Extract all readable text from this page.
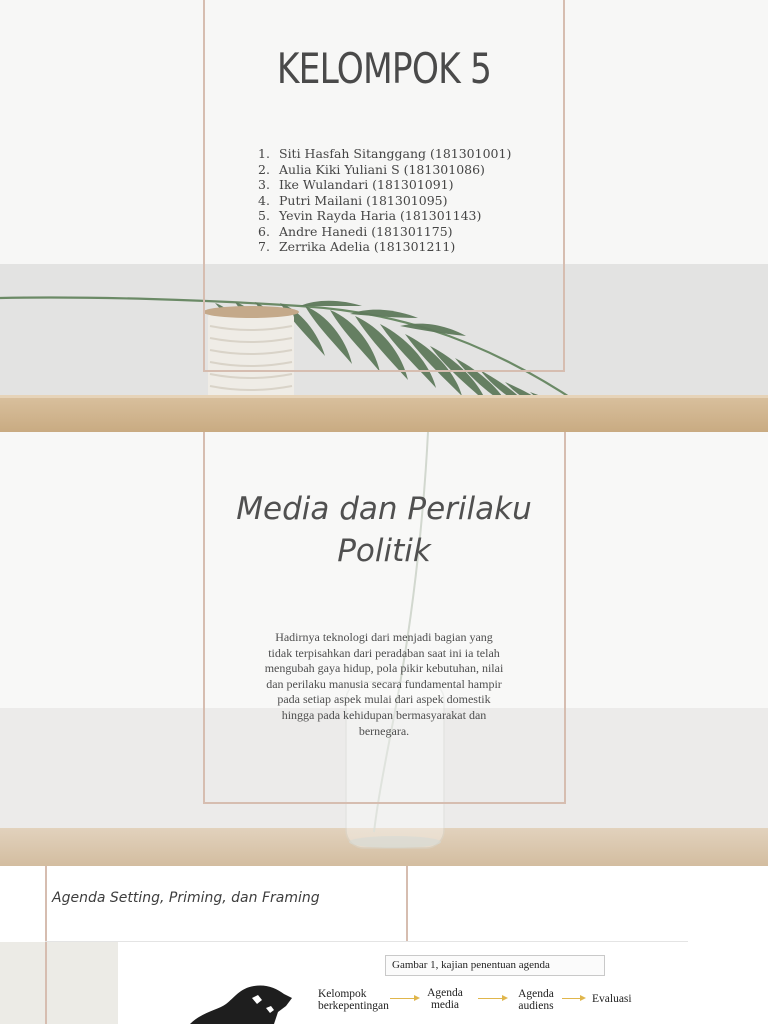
KELOMPOK 5
1. Siti Hasfah Sitanggang (181301001)
2. Aulia Kiki Yuliani S (181301086)
3. Ike Wulandari (181301091)
4. Putri Mailani (181301095)
5. Yevin Rayda Haria (181301143)
6. Andre Hanedi (181301175)
7. Zerrika Adelia (181301211)
Media dan Perilaku
Politik
Hadirnya teknologi dari menjadi bagian yang tidak terpisahkan dari peradaban saat ini ia telah mengubah gaya hidup, pola pikir kebutuhan, nilai dan perilaku manusia secara fundamental hampir pada setiap aspek mulai dari aspek domestik hingga pada kehidupan bermasyarakat dan bernegara.
Agenda Setting, Priming, dan Framing
Gambar 1, kajian penentuan agenda
Kelompok
berkepentingan
Agenda
media
Agenda
audiens
Evaluasi
